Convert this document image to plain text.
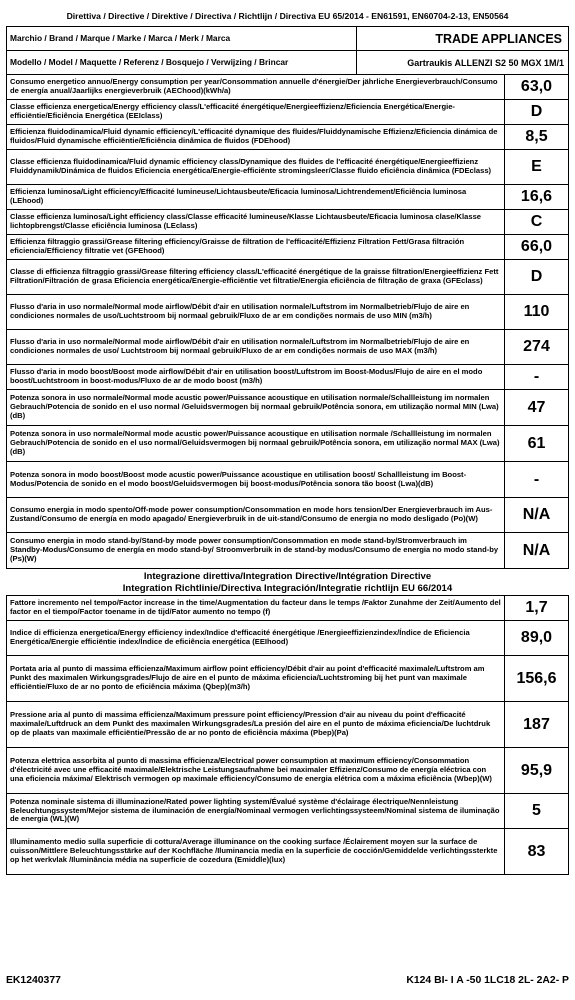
Direttiva / Directive / Direktive / Directiva / Richtlijn / Directiva EU 65/2014 - EN61591, EN60704-2-13, EN50564
Marchio / Brand / Marque / Marke / Marca / Merk / Marca	TRADE APPLIANCES
Modello / Model / Maquette / Referenz / Bosquejo / Verwijzing / Brincar	Gartraukis ALLENZI S2 50 MGX 1M/1
Consumo energetico annuo/Energy consumption per year/Consommation annuelle d'énergie/Der jährliche Energieverbrauch/Consumo de energía anual/Jaarlijks energieverbruik (AEChood)(kWh/a)	63,0
Classe efficienza energetica/Energy efficiency class/L'efficacité énergétique/Energieeffizienz/Eficiencia Energética/Energie-efficiëntie/Eficiência Energética (EEIclass)	D
Efficienza fluidodinamica/Fluid dynamic efficiency/L'efficacité dynamique des fluides/Fluiddynamische Effizienz/Eficiencia dinámica de fluidos/Fluid dynamische efficiëntie/Eficiência dinâmica de fluidos (FDEhood)	8,5
Classe efficienza fluidodinamica/Fluid dynamic efficiency class/Dynamique des fluides de l'efficacité énergétique/Energieeffizienz Fluiddynamik/Dinámica de fluidos Eficiencia energética/Energie-efficiënte stromingsleer/Classe fluido eficiência dinâmica (FDEclass)	E
Efficienza luminosa/Light efficiency/Efficacité lumineuse/Lichtausbeute/Eficacia luminosa/Lichtrendement/Eficiência luminosa (LEhood)	16,6
Classe efficienza luminosa/Light efficiency class/Classe efficacité lumineuse/Klasse Lichtausbeute/Eficacia luminosa clase/Klasse lichtopbrengst/Classe eficiência luminosa (LEclass)	C
Efficienza filtraggio grassi/Grease filtering efficiency/Graisse de filtration de l'efficacité/Effizienz Filtration Fett/Grasa filtración eficiencia/Efficiency filtratie vet (GFEhood)	66,0
Classe di efficienza filtraggio grassi/Grease filtering efficiency class/L'efficacité énergétique de la graisse filtration/Energieeffizienz Fett Filtration/Filtración de grasa Eficiencia energética/Energie-efficiëntie vet filtratie/Energia eficiência de filtração de graxa (GFEclass)	D
Flusso d'aria in uso normale/Normal mode airflow/Débit d'air en utilisation normale/Luftstrom im Normalbetrieb/Flujo de aire en condiciones normales de uso/Luchtstroom bij normaal gebruik/Fluxo de ar em condições normais de uso MIN (m3/h)	110
Flusso d'aria in uso normale/Normal mode airflow/Débit d'air en utilisation normale/Luftstrom im Normalbetrieb/Flujo de aire en condiciones normales de uso/ Luchtstroom bij normaal gebruik/Fluxo de ar em condições normais de uso MAX (m3/h)	274
Flusso d'aria in modo boost/Boost mode airflow/Débit d'air en utilisation boost/Luftstrom im Boost-Modus/Flujo de aire en el modo boost/Luchtstroom in boost-modus/Fluxo de ar de modo boost (m3/h)	-
Potenza sonora in uso normale/Normal mode acustic power/Puissance acoustique en utilisation normale/Schallleistung im normalen Gebrauch/Potencia de sonido en el uso normal /Geluidsvermogen bij normaal gebruik/Potência sonora, em utilização normal MIN (Lwa)(dB)	47
Potenza sonora in uso normale/Normal mode acustic power/Puissance acoustique en utilisation normale /Schallleistung im normalen Gebrauch/Potencia de sonido en el uso normal/Geluidsvermogen bij normaal gebruik/Potência sonora, em utilização normal MAX (Lwa)(dB)	61
Potenza sonora in modo boost/Boost mode acustic power/Puissance acoustique en utilisation boost/ Schallleistung im Boost-Modus/Potencia de sonido en el modo boost/Geluidsvermogen bij boost-modus/Potência sonora tão boost (Lwa)(dB)	-
Consumo energia in modo spento/Off-mode power consumption/Consommation en mode hors tension/Der Energieverbrauch im Aus-Zustand/Consumo de energía en modo apagado/ Energieverbruik in de uit-stand/Consumo de energia no modo desligado (Po)(W)	N/A
Consumo energia in modo stand-by/Stand-by mode power consumption/Consommation en mode stand-by/Stromverbrauch im Standby-Modus/Consumo de energía en modo stand-by/ Stroomverbruik in de stand-by modus/Consumo de energia no modo stand-by (Ps)(W)	N/A
Integrazione direttiva/Integration Directive/Intégration Directive
Integration Richtlinie/Directiva Integración/Integratie richtlijn EU 66/2014
Fattore incremento nel tempo/Factor increase in the time/Augmentation du facteur dans le temps /Faktor Zunahme der Zeit/Aumento del factor en el tiempo/Factor toename in de tijd/Fator aumento no tempo (f)	1,7
Indice di efficienza energetica/Energy efficiency index/Indice d'efficacité énergétique /Energieeffizienzindex/Índice de Eficiencia Energética/Energie efficiëntie index/Índice de eficiência energética (EEIhood)	89,0
Portata aria al punto di massima efficienza/Maximum airflow point efficiency/Débit d'air au point d'efficacité maximale/Luftstrom am Punkt des maximalen Wirkungsgrades/Flujo de aire en el punto de máxima eficiencia/Luchtstroming bij het punt van maximale efficiëntie/Fluxo de ar no ponto de eficiência máxima (Qbep)(m3/h)	156,6
Pressione aria al punto di massima efficienza/Maximum pressure point efficiency/Pression d'air au niveau du point d'efficacité maximale/Luftdruck an dem Punkt des maximalen Wirkungsgrades/La presión del aire en el punto de máxima eficiencia/De luchtdruk op de plaats van maximale efficiëntie/Pressão de ar no ponto de eficiência máxima (Pbep)(Pa)	187
Potenza elettrica assorbita al punto di massima efficienza/Electrical power consumption at maximum efficiency/Consommation d'électricité avec une efficacité maximale/Elektrische Leistungsaufnahme bei maximaler Effizienz/Consumo de energía eléctrica con una eficiencia máxima/ Elektrisch vermogen op maximale efficiency/Consumo de energia elétrica com a máxima eficiência (Wbep)(W)	95,9
Potenza nominale sistema di illuminazione/Rated power lighting system/Évalué système d'éclairage électrique/Nennleistung Beleuchtungssystem/Mejor sistema de iluminación de energía/Nominaal vermogen verlichtingssysteem/Nominal sistema de iluminação de energia (WL)(W)	5
Illuminamento medio sulla superficie di cottura/Average illuminance on the cooking surface /Éclairement moyen sur la surface de cuisson/Mittlere Beleuchtungsstärke auf der Kochfläche /Iluminancia media en la superficie de cocción/Gemiddelde verlichtingssterkte op het werkvlak /Iluminância média na superficie de cozedura (Emiddle)(lux)	83
EK1240377	K124 BI- I A -50 1LC18 2L- 2A2- P
